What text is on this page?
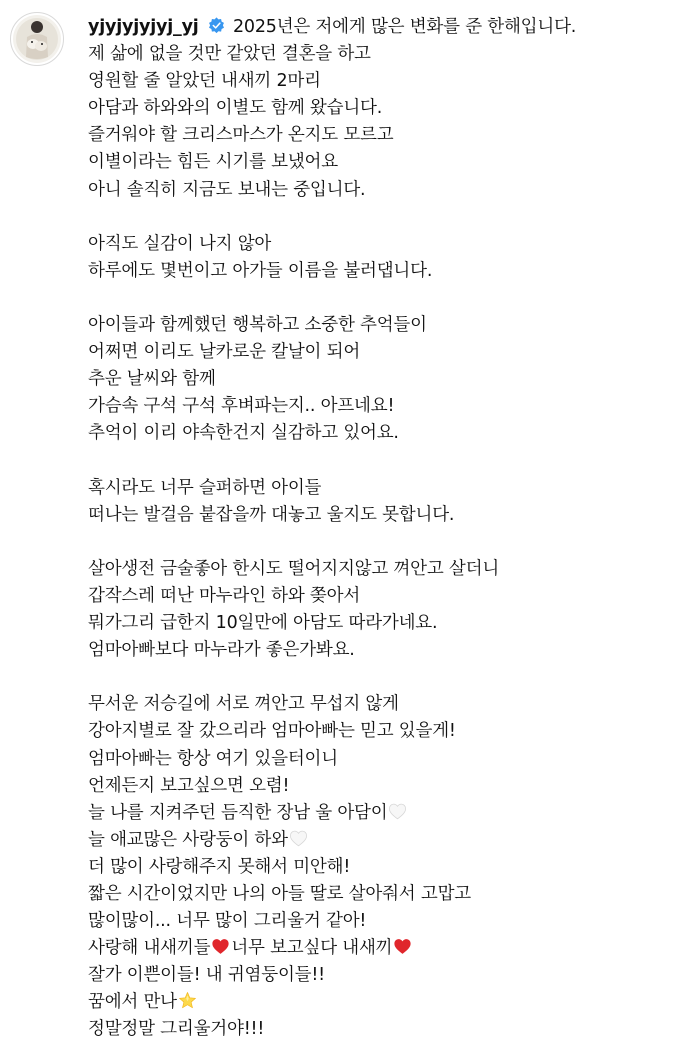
yjyjyjyjyj_yj 2025년은 저에게 많은 변화를 준 한해입니다.
제 삶에 없을 것만 같았던 결혼을 하고
영원할 줄 알았던 내새끼 2마리
아담과 하와와의 이별도 함께 왔습니다.
즐거워야 할 크리스마스가 온지도 모르고
이별이라는 힘든 시기를 보냈어요
아니 솔직히 지금도 보내는 중입니다.
아직도 실감이 나지 않아
하루에도 몇번이고 아가들 이름을 불러댑니다.
아이들과 함께했던 행복하고 소중한 추억들이
어쩌면 이리도 날카로운 칼날이 되어
추운 날씨와 함께
가슴속 구석 구석 후벼파는지.. 아프네요!
추억이 이리 야속한건지 실감하고 있어요.
혹시라도 너무 슬퍼하면 아이들
떠나는 발걸음 붙잡을까 대놓고 울지도 못합니다.
살아생전 금술좋아 한시도 떨어지지않고 껴안고 살더니
갑작스레 떠난 마누라인 하와 쫒아서
뭐가그리 급한지 10일만에 아담도 따라가네요.
엄마아빠보다 마누라가 좋은가봐요.
무서운 저승길에 서로 껴안고 무섭지 않게
강아지별로 잘 갔으리라 엄마아빠는 믿고 있을게!
엄마아빠는 항상 여기 있을터이니
언제든지 보고싶으면 오렴!
늘 나를 지켜주던 듬직한 장남 울 아담이
늘 애교많은 사랑둥이 하와
더 많이 사랑해주지 못해서 미안해!
짧은 시간이었지만 나의 아들 딸로 살아줘서 고맙고
많이많이... 너무 많이 그리울거 같아!
사랑해 내새끼들 너무 보고싶다 내새끼
잘가 이쁜이들! 내 귀염둥이들!!
꿈에서 만나
정말정말 그리울거야!!!
